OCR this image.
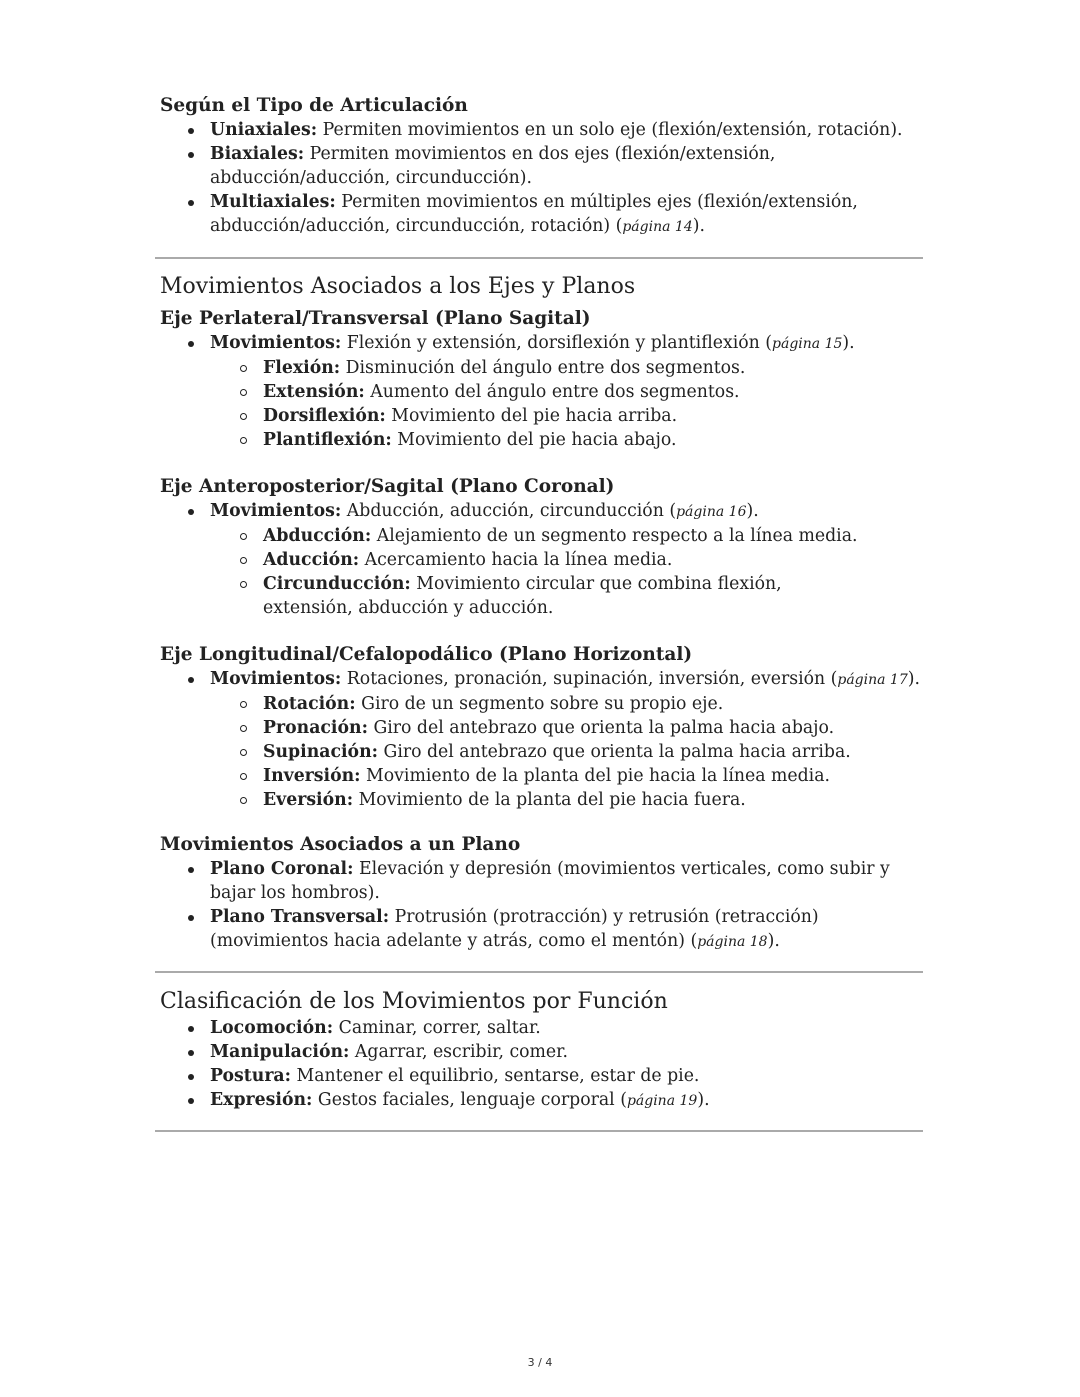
Según el Tipo de Articulación
Uniaxiales: Permiten movimientos en un solo eje (flexión/extensión, rotación).
Biaxiales: Permiten movimientos en dos ejes (flexión/extensión, abducción/aducción, circunducción).
Multiaxiales: Permiten movimientos en múltiples ejes (flexión/extensión, abducción/aducción, circunducción, rotación) (página 14).
Movimientos Asociados a los Ejes y Planos
Eje Perlateral/Transversal (Plano Sagital)
Movimientos: Flexión y extensión, dorsiflexión y plantiflexión (página 15).
Flexión: Disminución del ángulo entre dos segmentos.
Extensión: Aumento del ángulo entre dos segmentos.
Dorsiflexión: Movimiento del pie hacia arriba.
Plantiflexión: Movimiento del pie hacia abajo.
Eje Anteroposterior/Sagital (Plano Coronal)
Movimientos: Abducción, aducción, circunducción (página 16).
Abducción: Alejamiento de un segmento respecto a la línea media.
Aducción: Acercamiento hacia la línea media.
Circunducción: Movimiento circular que combina flexión, extensión, abducción y aducción.
Eje Longitudinal/Cefalopodálico (Plano Horizontal)
Movimientos: Rotaciones, pronación, supinación, inversión, eversión (página 17).
Rotación: Giro de un segmento sobre su propio eje.
Pronación: Giro del antebrazo que orienta la palma hacia abajo.
Supinación: Giro del antebrazo que orienta la palma hacia arriba.
Inversión: Movimiento de la planta del pie hacia la línea media.
Eversión: Movimiento de la planta del pie hacia fuera.
Movimientos Asociados a un Plano
Plano Coronal: Elevación y depresión (movimientos verticales, como subir y bajar los hombros).
Plano Transversal: Protrusión (protracción) y retrusión (retracción) (movimientos hacia adelante y atrás, como el mentón) (página 18).
Clasificación de los Movimientos por Función
Locomoción: Caminar, correr, saltar.
Manipulación: Agarrar, escribir, comer.
Postura: Mantener el equilibrio, sentarse, estar de pie.
Expresión: Gestos faciales, lenguaje corporal (página 19).
3 / 4
